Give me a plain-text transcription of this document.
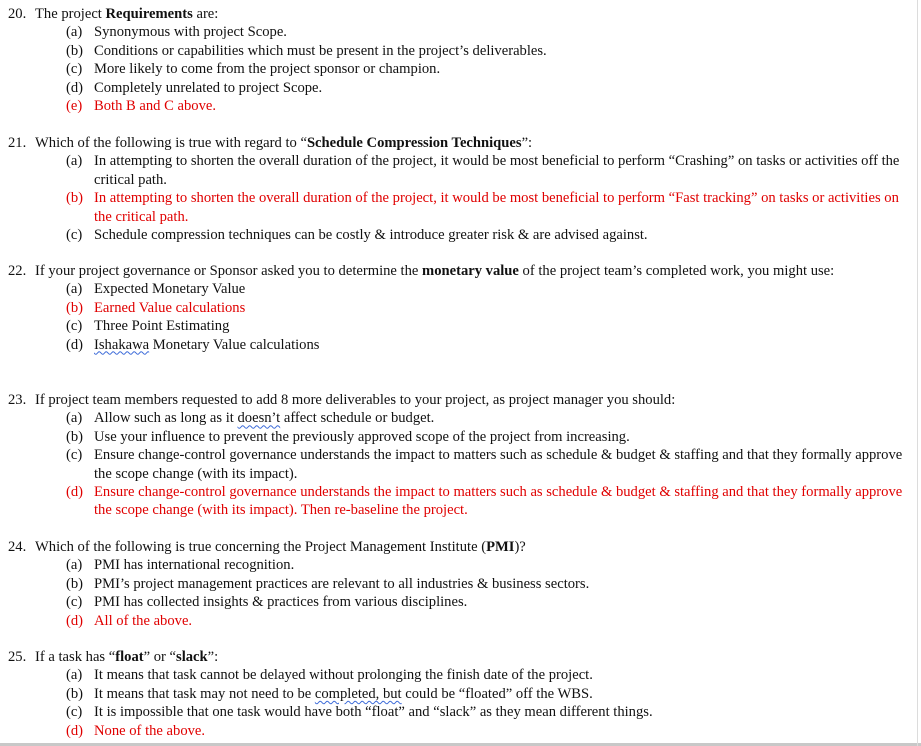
20. The project Requirements are:
(a) Synonymous with project Scope.
(b) Conditions or capabilities which must be present in the project’s deliverables.
(c) More likely to come from the project sponsor or champion.
(d) Completely unrelated to project Scope.
(e) Both B and C above.
21. Which of the following is true with regard to “Schedule Compression Techniques”:
(a) In attempting to shorten the overall duration of the project, it would be most beneficial to perform “Crashing” on tasks or activities off the critical path.
(b) In attempting to shorten the overall duration of the project, it would be most beneficial to perform “Fast tracking” on tasks or activities on the critical path.
(c) Schedule compression techniques can be costly & introduce greater risk & are advised against.
22. If your project governance or Sponsor asked you to determine the monetary value of the project team’s completed work, you might use:
(a) Expected Monetary Value
(b) Earned Value calculations
(c) Three Point Estimating
(d) Ishakawa Monetary Value calculations
23. If project team members requested to add 8 more deliverables to your project, as project manager you should:
(a) Allow such as long as it doesn’t affect schedule or budget.
(b) Use your influence to prevent the previously approved scope of the project from increasing.
(c) Ensure change-control governance understands the impact to matters such as schedule & budget & staffing and that they formally approve the scope change (with its impact).
(d) Ensure change-control governance understands the impact to matters such as schedule & budget & staffing and that they formally approve the scope change (with its impact). Then re-baseline the project.
24. Which of the following is true concerning the Project Management Institute (PMI)?
(a) PMI has international recognition.
(b) PMI’s project management practices are relevant to all industries & business sectors.
(c) PMI has collected insights & practices from various disciplines.
(d) All of the above.
25. If a task has “float” or “slack”:
(a) It means that task cannot be delayed without prolonging the finish date of the project.
(b) It means that task may not need to be completed, but could be “floated” off the WBS.
(c) It is impossible that one task would have both “float” and “slack” as they mean different things.
(d) None of the above.
